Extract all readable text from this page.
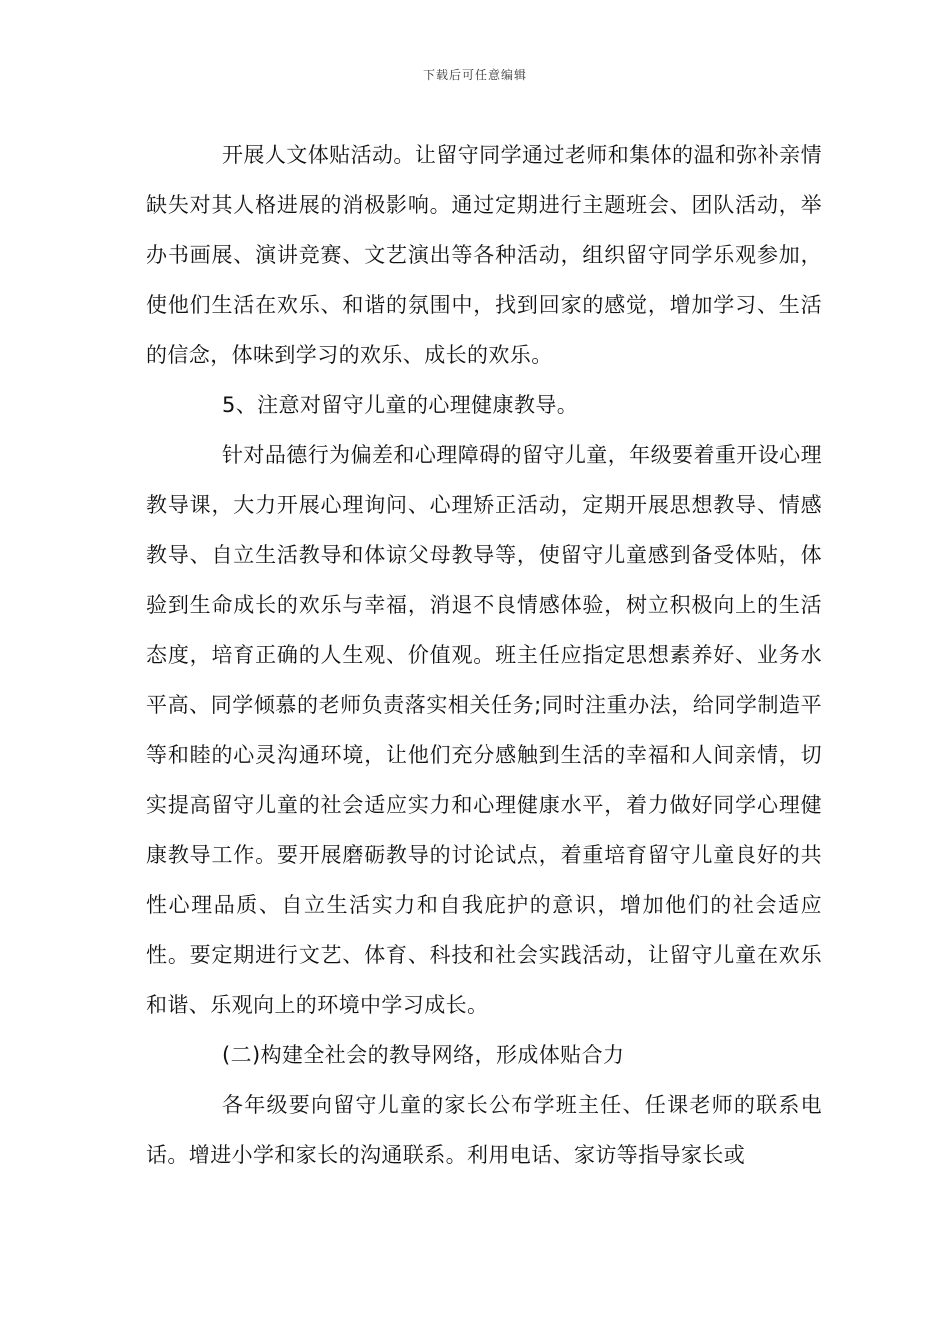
下载后可任意编辑

开展人文体贴活动。让留守同学通过老师和集体的温和弥补亲情缺失对其人格进展的消极影响。通过定期进行主题班会、团队活动，举办书画展、演讲竞赛、文艺演出等各种活动，组织留守同学乐观参加，使他们生活在欢乐、和谐的氛围中，找到回家的感觉，增加学习、生活的信念，体味到学习的欢乐、成长的欢乐。

5、注意对留守儿童的心理健康教导。

针对品德行为偏差和心理障碍的留守儿童，年级要着重开设心理教导课，大力开展心理询问、心理矫正活动，定期开展思想教导、情感教导、自立生活教导和体谅父母教导等，使留守儿童感到备受体贴，体验到生命成长的欢乐与幸福，消退不良情感体验，树立积极向上的生活态度，培育正确的人生观、价值观。班主任应指定思想素养好、业务水平高、同学倾慕的老师负责落实相关任务;同时注重办法，给同学制造平等和睦的心灵沟通环境，让他们充分感触到生活的幸福和人间亲情，切实提高留守儿童的社会适应实力和心理健康水平，着力做好同学心理健康教导工作。要开展磨砺教导的讨论试点，着重培育留守儿童良好的共性心理品质、自立生活实力和自我庇护的意识，增加他们的社会适应性。要定期进行文艺、体育、科技和社会实践活动，让留守儿童在欢乐和谐、乐观向上的环境中学习成长。

(二)构建全社会的教导网络，形成体贴合力

各年级要向留守儿童的家长公布学班主任、任课老师的联系电话。增进小学和家长的沟通联系。利用电话、家访等指导家长或
